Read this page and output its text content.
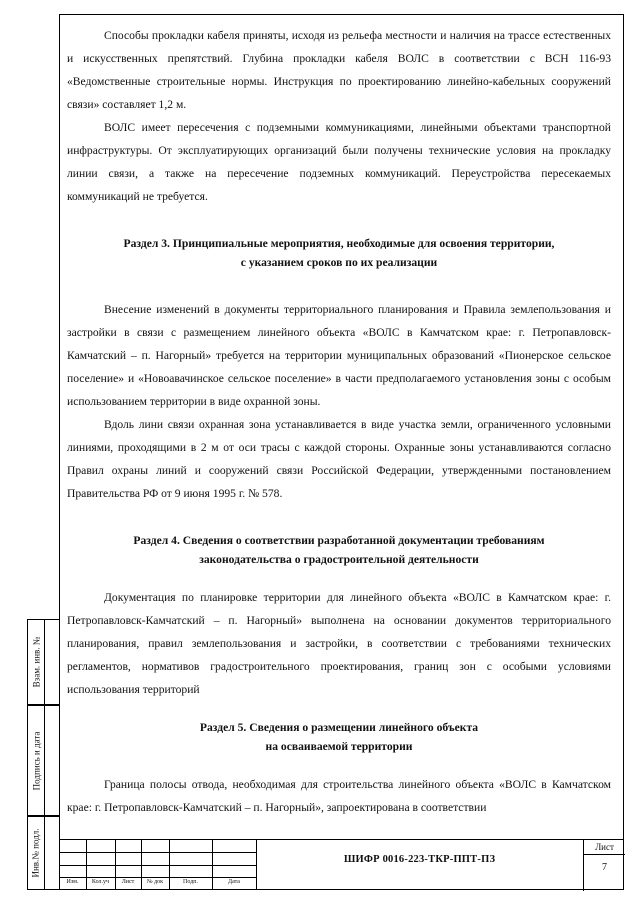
Способы прокладки кабеля приняты, исходя из рельефа местности и наличия на трассе естественных и искусственных препятствий. Глубина прокладки кабеля ВОЛС в соответствии с ВСН 116-93 «Ведомственные строительные нормы. Инструкция по проектированию линейно-кабельных сооружений связи» составляет 1,2 м.

ВОЛС имеет пересечения с подземными коммуникациями, линейными объектами транспортной инфраструктуры. От эксплуатирующих организаций были получены технические условия на прокладку линии связи, а также на пересечение подземных коммуникаций. Переустройства пересекаемых коммуникаций не требуется.

Раздел 3. Принципиальные мероприятия, необходимые для освоения территории,
с указанием сроков по их реализации

Внесение изменений в документы территориального планирования и Правила землепользования и застройки в связи с размещением линейного объекта «ВОЛС в Камчатском крае: г. Петропавловск-Камчатский – п. Нагорный» требуется на территории муниципальных образований «Пионерское сельское поселение» и «Новоавачинское сельское поселение» в части предполагаемого установления зоны с особым использованием территории в виде охранной зоны.

Вдоль лини связи охранная зона устанавливается в виде участка земли, ограниченного условными линиями, проходящими в 2 м от оси трасы с каждой стороны. Охранные зоны устанавливаются согласно Правил охраны линий и сооружений связи Российской Федерации, утвержденными постановлением Правительства РФ от 9 июня 1995 г. № 578.

Раздел 4. Сведения о соответствии разработанной документации требованиям
законодательства о градостроительной деятельности

Документация по планировке территории для линейного объекта «ВОЛС в Камчатском крае: г. Петропавловск-Камчатский – п. Нагорный» выполнена на основании документов территориального планирования, правил землепользования и застройки, в соответствии с требованиями технических регламентов, нормативов градостроительного проектирования, границ зон с особыми условиями использования территорий

Раздел 5. Сведения о размещении линейного объекта
на осваиваемой территории

Граница полосы отвода, необходимая для строительства линейного объекта «ВОЛС в Камчатском крае: г. Петропавловск-Камчатский – п. Нагорный», запроектирована в соответствии

Взам. инв. №
Подпись и дата
Инв.№ подл.
Изм.	Кол.уч	Лист	№ док	Подп.	Дата
ШИФР 0016-223-ТКР-ППТ-ПЗ
Лист
7
